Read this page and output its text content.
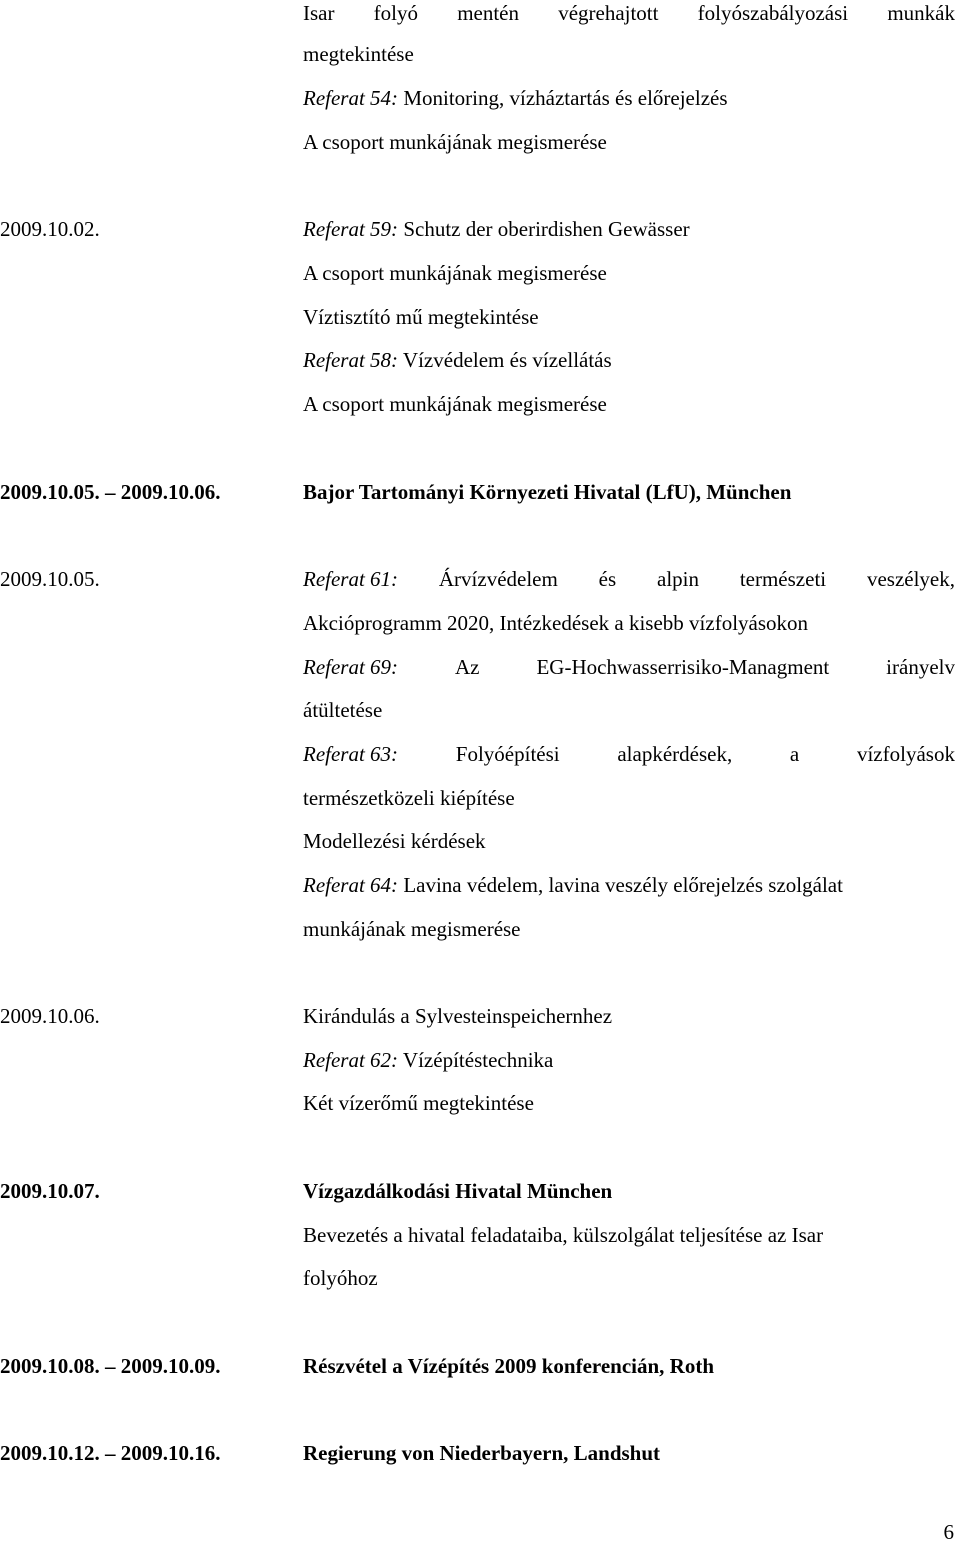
Isar folyó mentén végrehajtott folyószabályozási munkák
megtekintése
Referat 54: Monitoring, vízháztartás és előrejelzés
A csoport munkájának megismerése
2009.10.02.	Referat 59: Schutz der oberirdishen Gewässer
A csoport munkájának megismerése
Víztisztító mű megtekintése
Referat 58: Vízvédelem és vízellátás
A csoport munkájának megismerése
2009.10.05. – 2009.10.06.	Bajor Tartományi Környezeti Hivatal (LfU), München
2009.10.05.	Referat 61: Árvízvédelem és alpin természeti veszélyek,
Akcióprogramm 2020, Intézkedések a kisebb vízfolyásokon
Referat 69:	Az	EG-Hochwasserrisiko-Managment	irányelv
átültetése
Referat 63:	Folyóépítési	alapkérdések,	a	vízfolyások
természetközeli kiépítése
Modellezési kérdések
Referat 64: Lavina védelem, lavina veszély előrejelzés szolgálat
munkájának megismerése
2009.10.06.	Kirándulás a Sylvesteinspeichernhez
Referat 62: Vízépítéstechnika
Két vízerőmű megtekintése
2009.10.07.	Vízgazdálkodási Hivatal München
Bevezetés a hivatal feladataiba, külszolgálat teljesítése az Isar
folyóhoz
2009.10.08. – 2009.10.09.	Részvétel a Vízépítés 2009 konferencián, Roth
2009.10.12. – 2009.10.16.	Regierung von Niederbayern, Landshut
6
